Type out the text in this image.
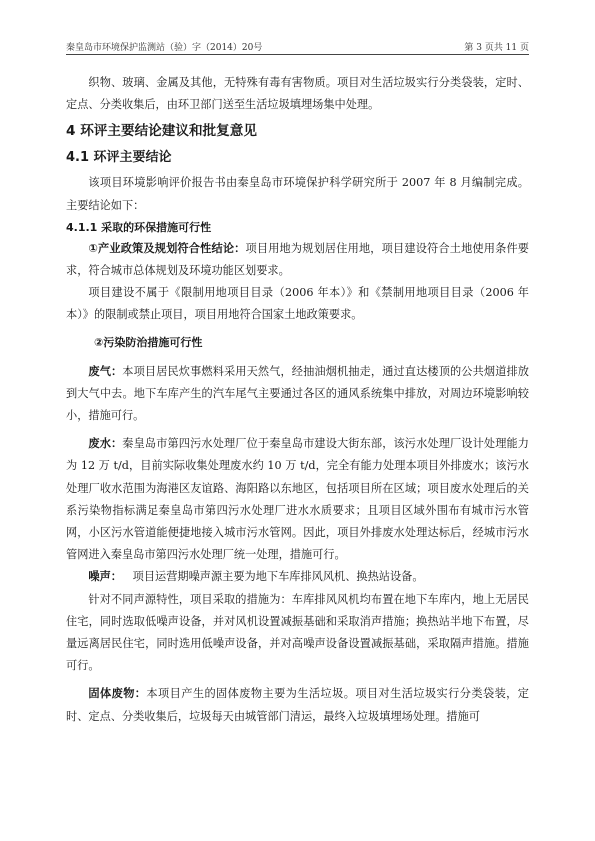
秦皇岛市环境保护监测站（验）字（2014）20号	第 3 页共 11 页

织物、玻璃、金属及其他，无特殊有毒有害物质。项目对生活垃圾实行分类袋装，定时、定点、分类收集后，由环卫部门送至生活垃圾填埋场集中处理。

4 环评主要结论建议和批复意见
4.1 环评主要结论

该项目环境影响评价报告书由秦皇岛市环境保护科学研究所于 2007 年 8 月编制完成。主要结论如下：

4.1.1 采取的环保措施可行性

①产业政策及规划符合性结论：项目用地为规划居住用地，项目建设符合土地使用条件要求，符合城市总体规划及环境功能区划要求。

项目建设不属于《限制用地项目目录（2006 年本）》和《禁制用地项目目录（2006 年本）》的限制或禁止项目，项目用地符合国家土地政策要求。

②污染防治措施可行性

废气：本项目居民炊事燃料采用天然气，经抽油烟机抽走，通过直达楼顶的公共烟道排放到大气中去。地下车库产生的汽车尾气主要通过各区的通风系统集中排放，对周边环境影响较小，措施可行。

废水：秦皇岛市第四污水处理厂位于秦皇岛市建设大街东部，该污水处理厂设计处理能力为 12 万 t/d，目前实际收集处理废水约 10 万 t/d，完全有能力处理本项目外排废水；该污水处理厂收水范围为海港区友谊路、海阳路以东地区，包括项目所在区域；项目废水处理后的关系污染物指标满足秦皇岛市第四污水处理厂进水水质要求；且项目区域外围布有城市污水管网，小区污水管道能便捷地接入城市污水管网。因此，项目外排废水处理达标后，经城市污水管网进入秦皇岛市第四污水处理厂统一处理，措施可行。

噪声：   项目运营期噪声源主要为地下车库排风风机、换热站设备。

针对不同声源特性，项目采取的措施为：车库排风风机均布置在地下车库内，地上无居民住宅，同时选取低噪声设备，并对风机设置减振基础和采取消声措施；换热站半地下布置，尽量远离居民住宅，同时选用低噪声设备，并对高噪声设备设置减振基础，采取隔声措施。措施可行。

固体废物：本项目产生的固体废物主要为生活垃圾。项目对生活垃圾实行分类袋装，定时、定点、分类收集后，垃圾每天由城管部门清运，最终入垃圾填埋场处理。措施可
